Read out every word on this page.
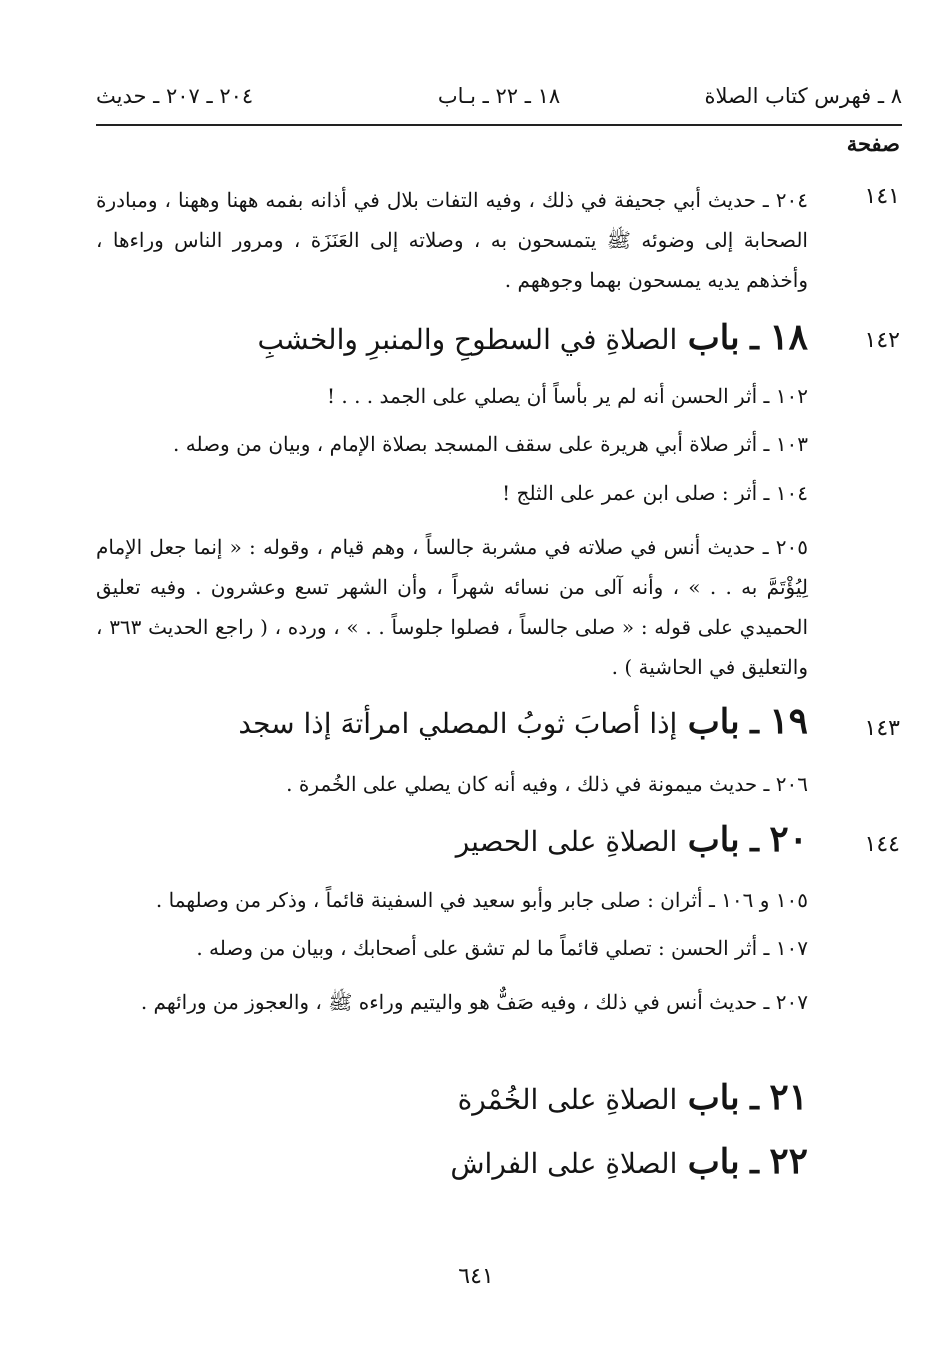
٨ ـ فهرس كتاب الصلاة
١٨ ـ ٢٢ ـ بـاب
٢٠٤ ـ ٢٠٧ ـ حديث
صفحة
١٤١
٢٠٤ ـ حديث أبي جحيفة في ذلك ، وفيه التفات بلال في أذانه بفمه ههنا وههنا ، ومبادرة الصحابة إلى وضوئه ﷺ يتمسحون به ، وصلاته إلى العَنَزَة ، ومرور الناس وراءها ، وأخذهم يديه يمسحون بهما وجوههم .
١٤٢
١٨ ـ باب الصلاةِ في السطوحِ والمنبرِ والخشبِ
١٠٢ ـ أثر الحسن أنه لم ير بأساً أن يصلي على الجمد . . . !
١٠٣ ـ أثر صلاة أبي هريرة على سقف المسجد بصلاة الإمام ، وبيان من وصله .
١٠٤ ـ أثر : صلى ابن عمر على الثلج !
٢٠٥ ـ حديث أنس في صلاته في مشربة جالساً ، وهم قيام ، وقوله : « إنما جعل الإمام لِيُؤْتَمَّ به . . » ، وأنه آلى من نسائه شهراً ، وأن الشهر تسع وعشرون . وفيه تعليق الحميدي على قوله : « صلى جالساً ، فصلوا جلوساً . . » ، ورده ، ( راجع الحديث ٣٦٣ ، والتعليق في الحاشية ) .
١٤٣
١٩ ـ باب إذا أصابَ ثوبُ المصلي امرأتهَ إذا سجد
٢٠٦ ـ حديث ميمونة في ذلك ، وفيه أنه كان يصلي على الخُمرة .
١٤٤
٢٠ ـ باب الصلاةِ على الحصير
١٠٥ و ١٠٦ ـ أثران : صلى جابر وأبو سعيد في السفينة قائماً ، وذكر من وصلهما .
١٠٧ ـ أثر الحسن : تصلي قائماً ما لم تشق على أصحابك ، وبيان من وصله .
٢٠٧ ـ حديث أنس في ذلك ، وفيه صَفٌّ هو واليتيم وراءه ﷺ ، والعجوز من ورائهم .
٢١ ـ باب الصلاةِ على الخُمْرة
٢٢ ـ باب الصلاةِ على الفراش
٦٤١
